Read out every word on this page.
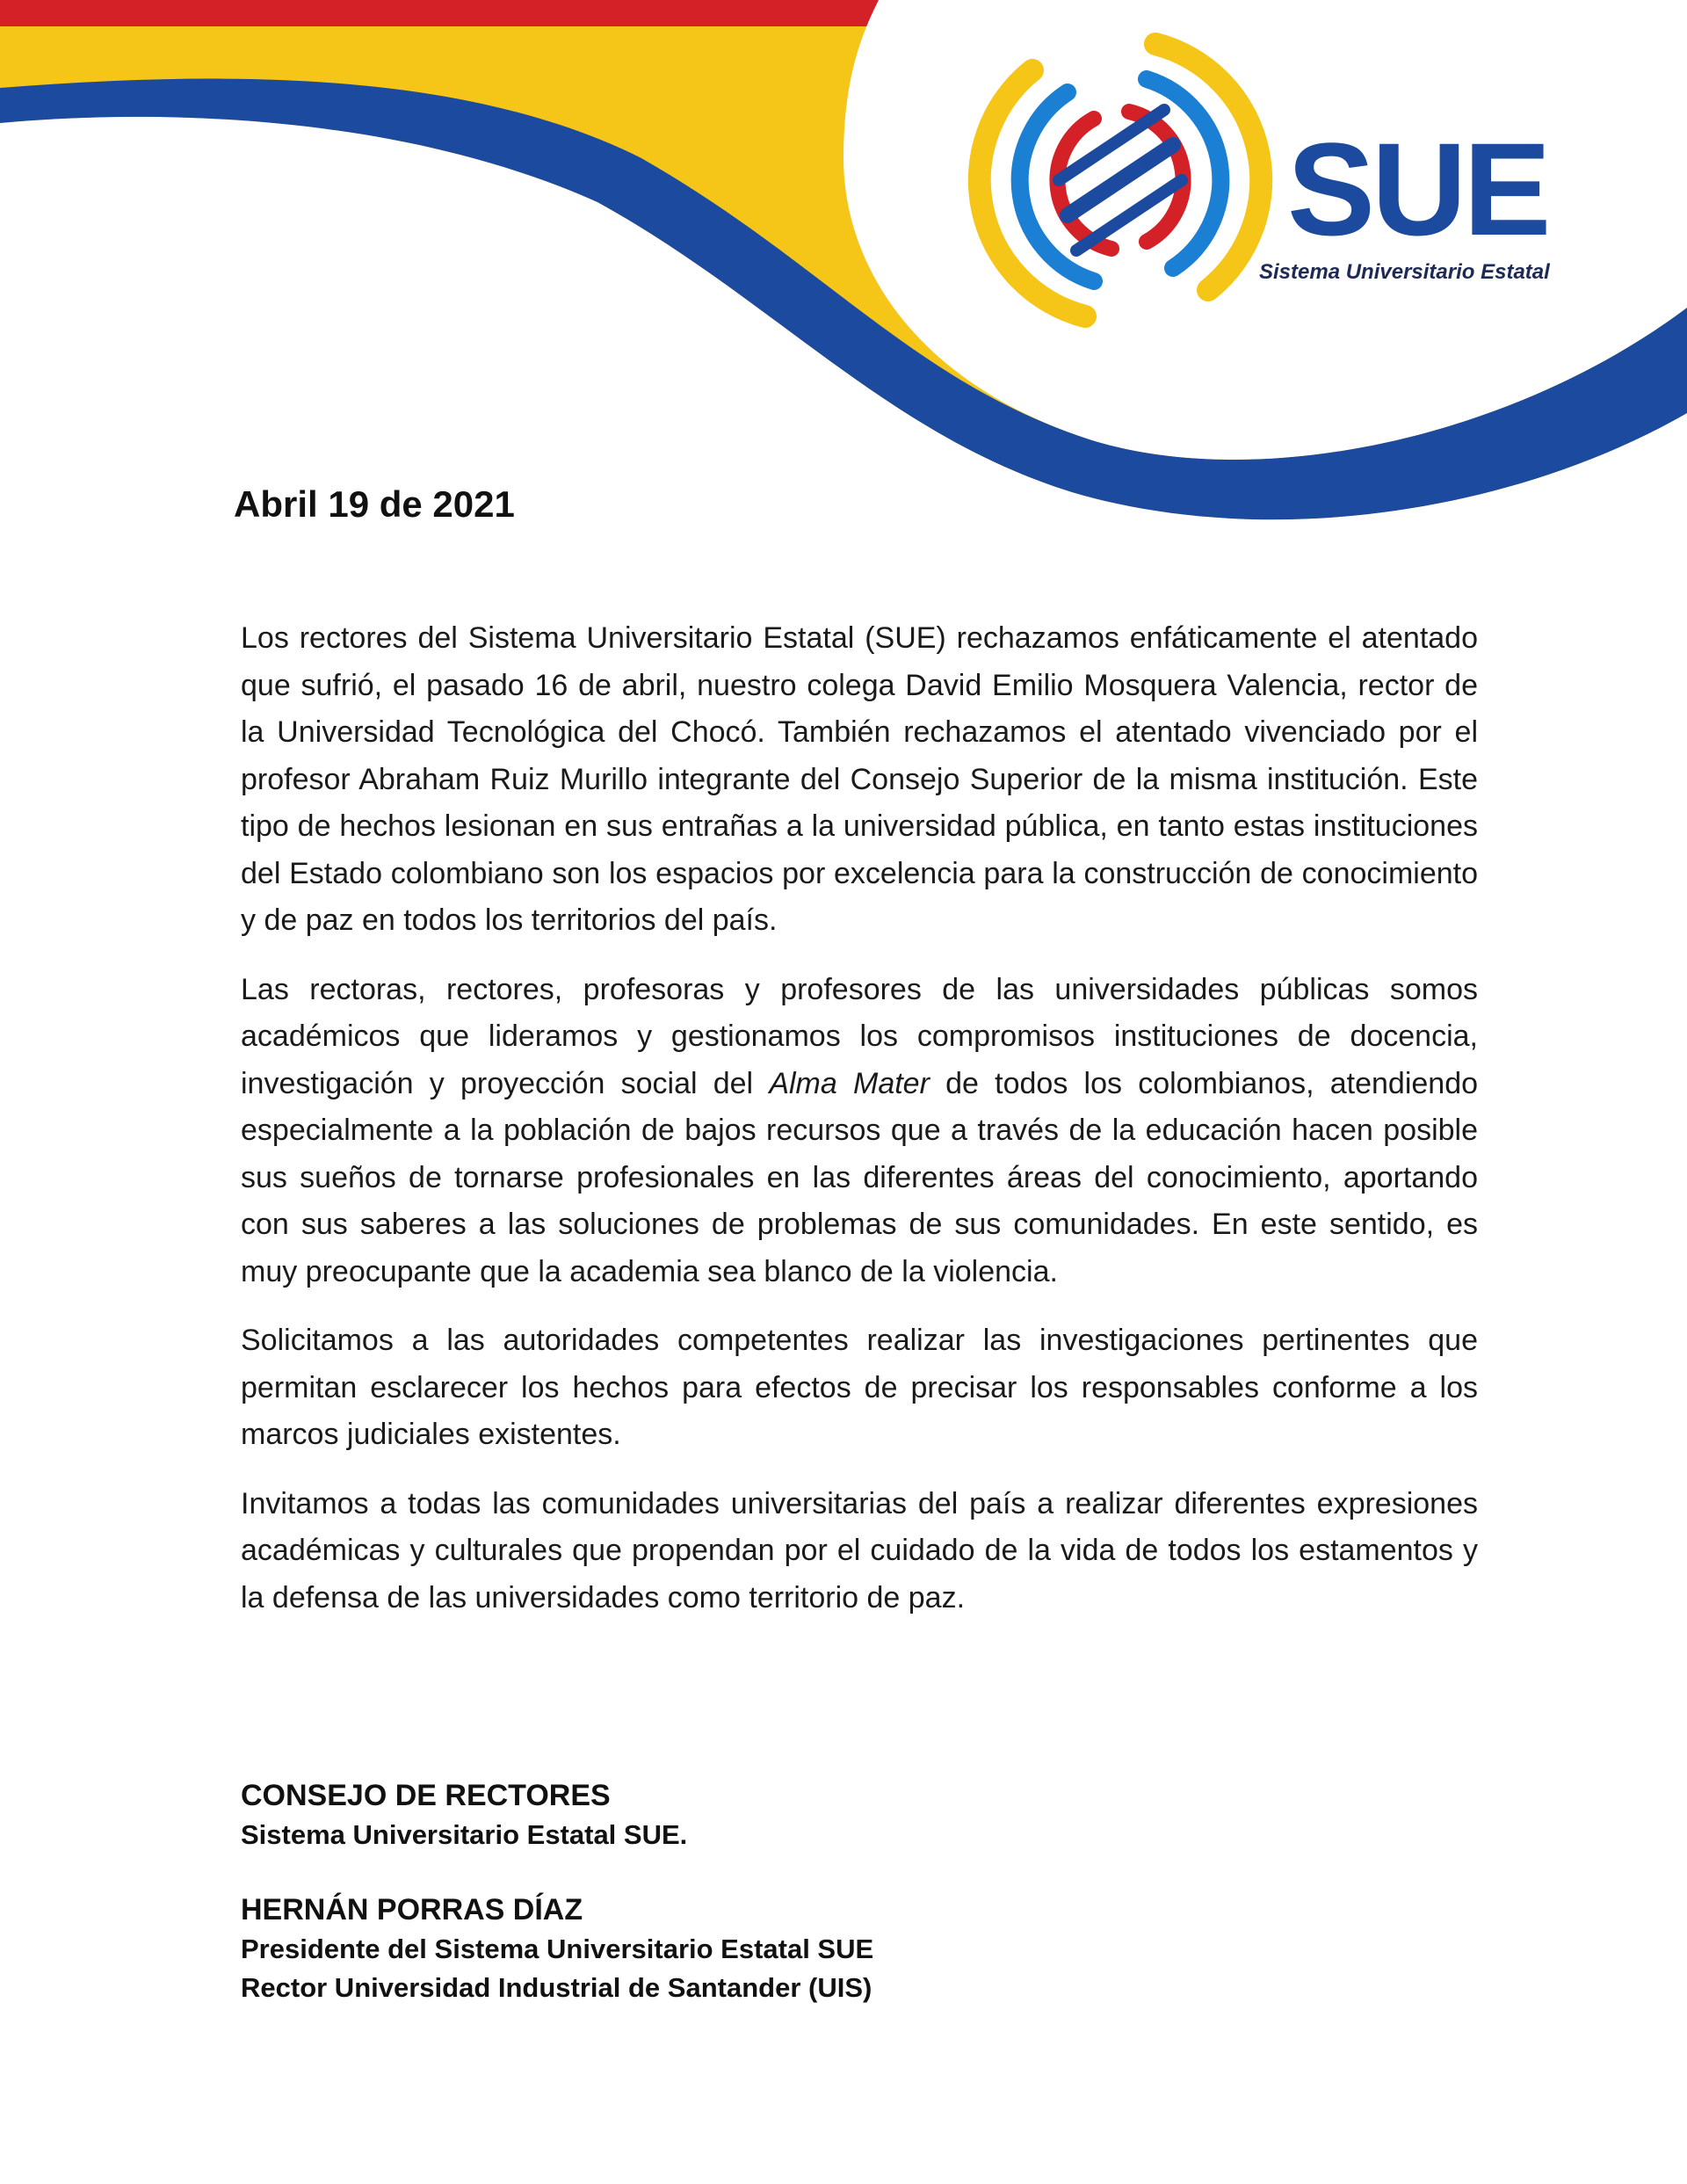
SUE
Sistema Universitario Estatal
Abril 19 de 2021

Los rectores del Sistema Universitario Estatal (SUE) rechazamos enfáticamente el atentado que sufrió, el pasado 16 de abril, nuestro colega David Emilio Mosquera Valencia, rector de la Universidad Tecnológica del Chocó. También rechazamos el atentado vivenciado por el profesor Abraham Ruiz Murillo integrante del Consejo Superior de la misma institución. Este tipo de hechos lesionan en sus entrañas a la universidad pública, en tanto estas instituciones del Estado colombiano son los espacios por excelencia para la construcción de conocimiento y de paz en todos los territorios del país.

Las rectoras, rectores, profesoras y profesores de las universidades públicas somos académicos que lideramos y gestionamos los compromisos instituciones de docencia, investigación y proyección social del Alma Mater de todos los colombianos, atendiendo especialmente a la población de bajos recursos que a través de la educación hacen posible sus sueños de tornarse profesionales en las diferentes áreas del conocimiento, aportando con sus saberes a las soluciones de problemas de sus comunidades. En este sentido, es muy preocupante que la academia sea blanco de la violencia.

Solicitamos a las autoridades competentes realizar las investigaciones pertinentes que permitan esclarecer los hechos para efectos de precisar los responsables conforme a los marcos judiciales existentes.

Invitamos a todas las comunidades universitarias del país a realizar diferentes expresiones académicas y culturales que propendan por el cuidado de la vida de todos los estamentos y la defensa de las universidades como territorio de paz.

CONSEJO DE RECTORES

Sistema Universitario Estatal SUE.

HERNÁN PORRAS DÍAZ

Presidente del Sistema Universitario Estatal SUE

Rector Universidad Industrial de Santander (UIS)
